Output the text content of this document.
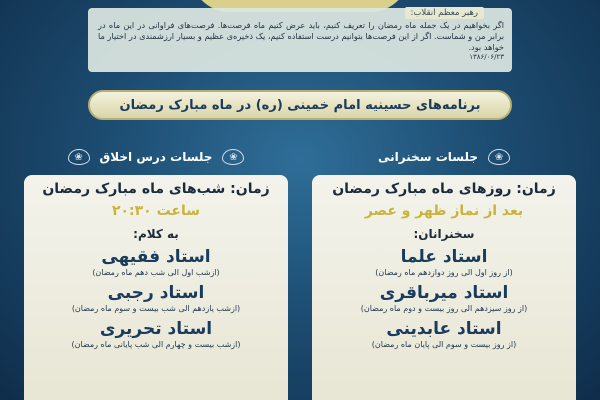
رهبر معظم انقلاب:
اگر بخواهیم در یک جمله ماه رمضان را تعریف کنیم، باید عرض کنیم ماه فرصت‌ها. فرصت‌های فراوانی در این ماه در برابر من و شماست. اگر از این فرصت‌ها بتوانیم درست استفاده کنیم، یک ذخیره‌ی عظیم و بسیار ارزشمندی در اختیار ما خواهد بود.
۱۳۸۶/۰۶/۲۳
برنامه‌های حسینیه امام خمینی (ره) در ماه مبارک رمضان
❀
جلسات سخنرانی
❀
جلسات درس اخلاق
❀
زمان: روزهای ماه مبارک رمضان
بعد از نماز ظهر و عصر
سخنرانان:
استاد علما
(از روز اول الی روز دوازدهم ماه رمضان)
استاد میرباقری
(از روز سیزدهم الی روز بیست و دوم ماه رمضان)
استاد عابدینی
(از روز بیست و سوم الی پایان ماه رمضان)
زمان: شب‌های ماه مبارک رمضان
ساعت ۲۰:۳۰
به کلام:
استاد فقیهی
(ازشب اول الی شب دهم ماه رمضان)
استاد رجبی
(ازشب یازدهم الی شب بیست و سوم ماه رمضان)
استاد تحریری
(ازشب بیست و چهارم الی شب پایانی ماه رمضان)
